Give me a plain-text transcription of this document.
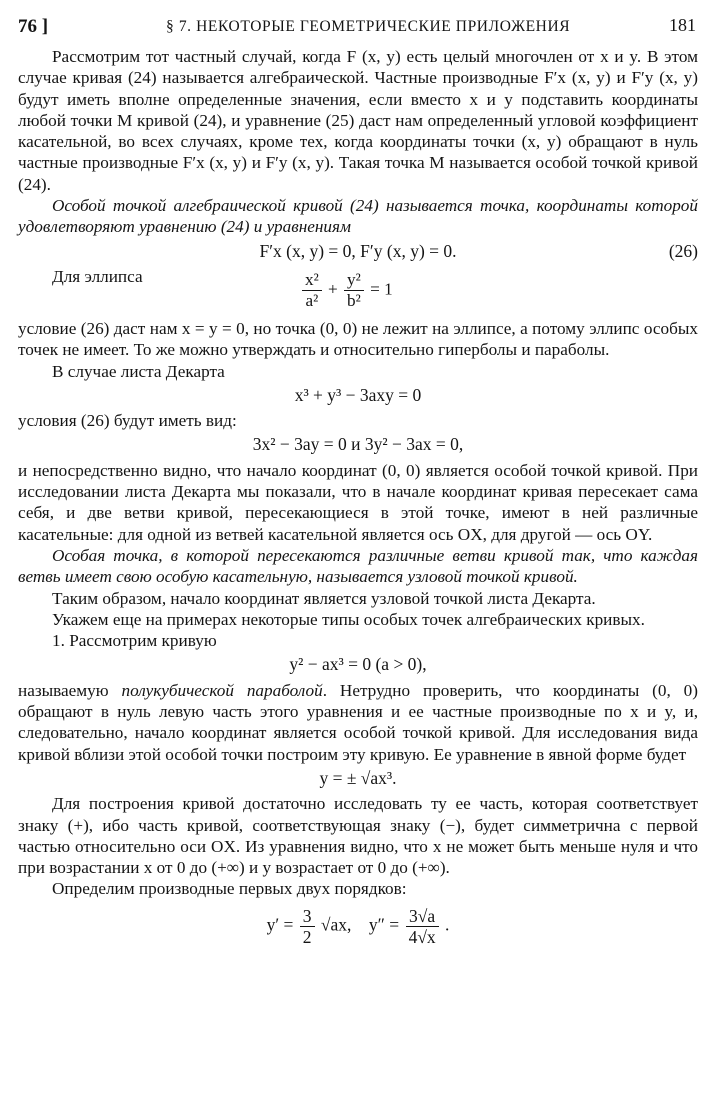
76 ]	§ 7. НЕКОТОРЫЕ ГЕОМЕТРИЧЕСКИЕ ПРИЛОЖЕНИЯ	181

Рассмотрим тот частный случай, когда F (x, y) есть целый многочлен от x и y. В этом случае кривая (24) называется алгебраической. Частные производные F′x (x, y) и F′y (x, y) будут иметь вполне определенные значения, если вместо x и y подставить координаты любой точки M кривой (24), и уравнение (25) даст нам определенный угловой коэффициент касательной, во всех случаях, кроме тех, когда координаты точки (x, y) обращают в нуль частные производные F′x (x, y) и F′y (x, y). Такая точка M называется особой точкой кривой (24).

Особой точкой алгебраической кривой (24) называется точка, координаты которой удовлетворяют уравнению (24) и уравнениям

F′x (x, y) = 0, F′y (x, y) = 0.	(26)
Для эллипса	$\frac{\text{x²}}{\text{a²}} + \frac{\text{y²}}{\text{b²}} = 1$

условие (26) даст нам x = y = 0, но точка (0, 0) не лежит на эллипсе, а потому эллипс особых точек не имеет. То же можно утверждать и относительно гиперболы и параболы.

В случае листа Декарта

x³ + y³ − 3axy = 0

условия (26) будут иметь вид:

3x² − 3ay = 0 и 3y² − 3ax = 0,

и непосредственно видно, что начало координат (0, 0) является особой точкой кривой. При исследовании листа Декарта мы показали, что в начале координат кривая пересекает сама себя, и две ветви кривой, пересекающиеся в этой точке, имеют в ней различные касательные: для одной из ветвей касательной является ось OX, для другой — ось OY.

Особая точка, в которой пересекаются различные ветви кривой так, что каждая ветвь имеет свою особую касательную, называется узловой точкой кривой.

Таким образом, начало координат является узловой точкой листа Декарта.

Укажем еще на примерах некоторые типы особых точек алгебраических кривых.

1. Рассмотрим кривую

y² − ax³ = 0 (a > 0),

называемую полукубической параболой. Нетрудно проверить, что координаты (0, 0) обращают в нуль левую часть этого уравнения и ее частные производные по x и y, и, следовательно, начало координат является особой точкой кривой. Для исследования вида кривой вблизи этой особой точки построим эту кривую. Ее уравнение в явной форме будет

y = ± √ax³.

Для построения кривой достаточно исследовать ту ее часть, которая соответствует знаку (+), ибо часть кривой, соответствующая знаку (−), будет симметрична с первой частью относительно оси OX. Из уравнения видно, что x не может быть меньше нуля и что при возрастании x от 0 до (+∞) и y возрастает от 0 до (+∞).

Определим производные первых двух порядков:

$y' = \frac{3}{2} √ax$, $y'' = \frac{3√a}{4√x}$ .
